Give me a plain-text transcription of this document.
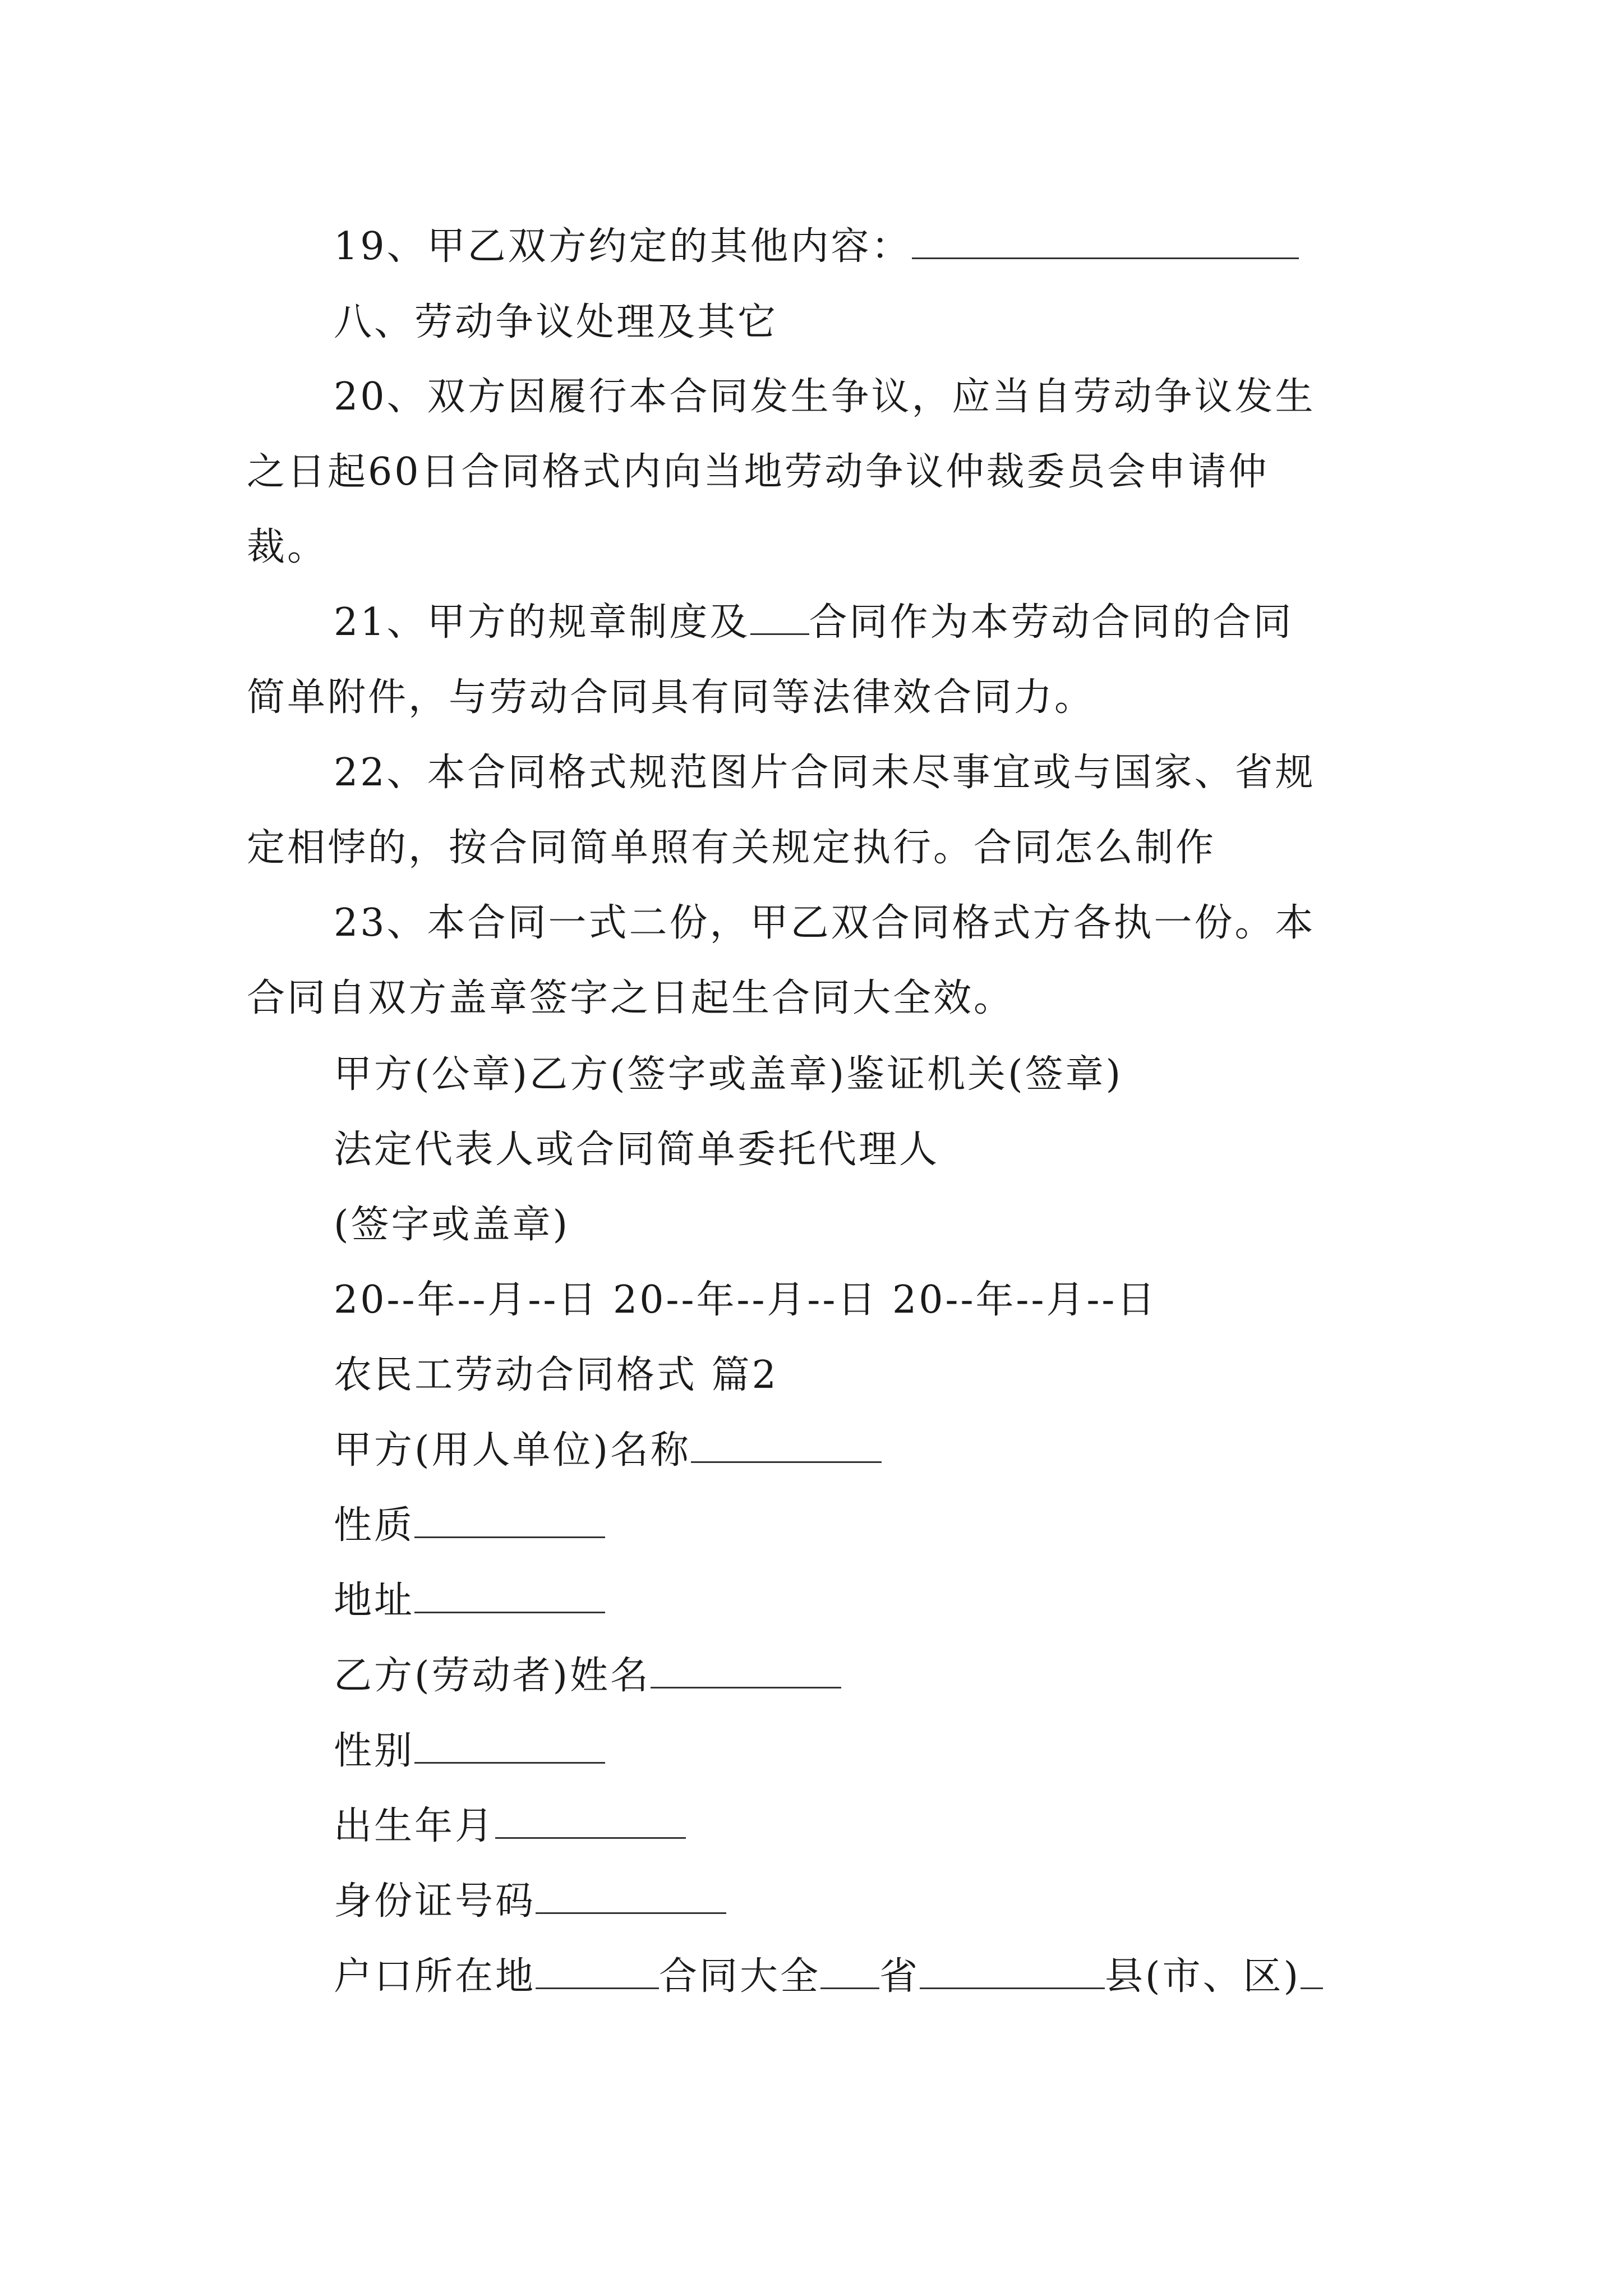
19、甲乙双方约定的其他内容：
八、劳动争议处理及其它
20、双方因履行本合同发生争议，应当自劳动争议发生
之日起60日合同格式内向当地劳动争议仲裁委员会申请仲
裁。
21、甲方的规章制度及 合同作为本劳动合同的合同
简单附件，与劳动合同具有同等法律效合同力。
22、本合同格式规范图片合同未尽事宜或与国家、省规
定相悖的，按合同简单照有关规定执行。合同怎么制作
23、本合同一式二份，甲乙双合同格式方各执一份。本
合同自双方盖章签字之日起生合同大全效。
甲方(公章)乙方(签字或盖章)鉴证机关(签章)
法定代表人或合同简单委托代理人
(签字或盖章)
20--年--月--日 20--年--月--日 20--年--月--日
农民工劳动合同格式 篇2
甲方(用人单位)名称
性质
地址
乙方(劳动者)姓名
性别
出生年月
身份证号码
户口所在地	合同大全 省	县(市、区)
